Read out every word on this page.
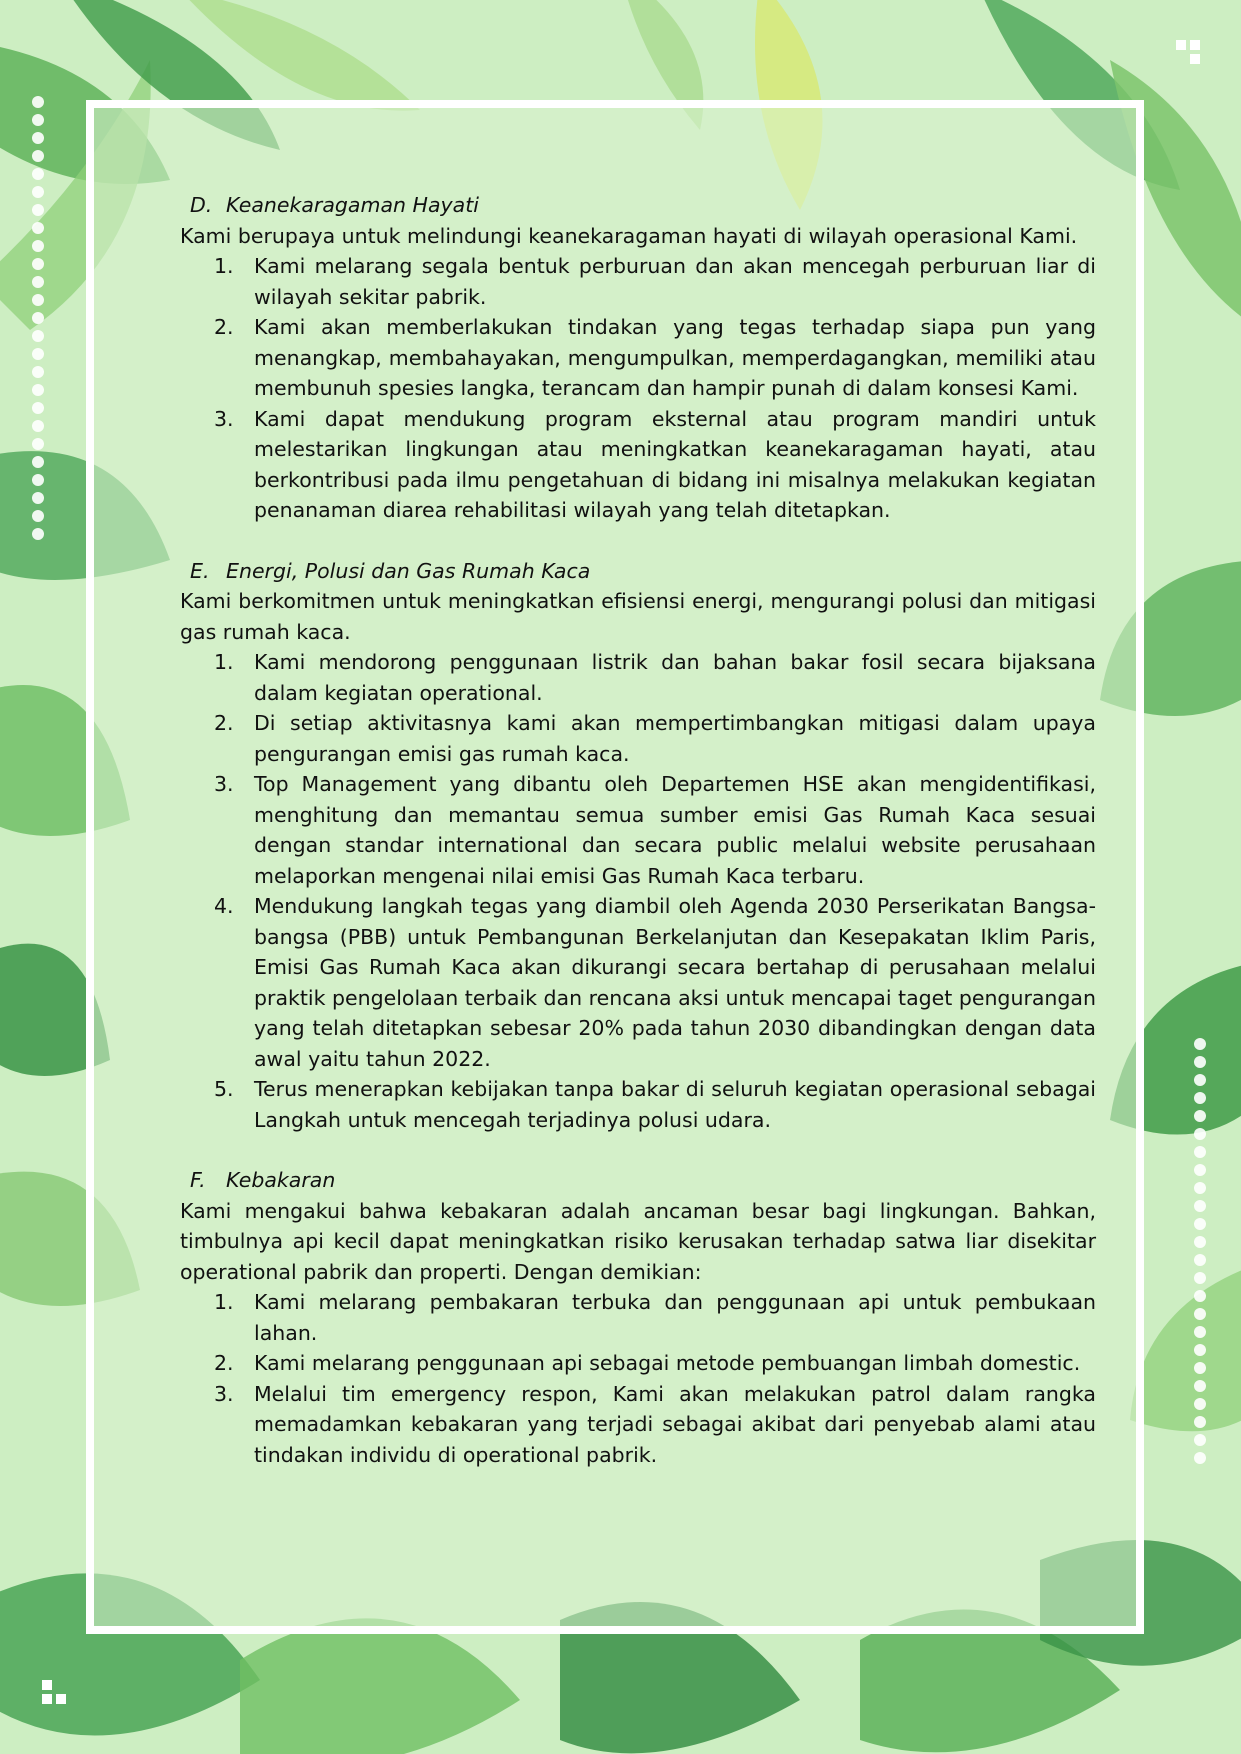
D. Keanekaragaman Hayati

Kami berupaya untuk melindungi keanekaragaman hayati di wilayah operasional Kami.

1. Kami melarang segala bentuk perburuan dan akan mencegah perburuan liar di wilayah sekitar pabrik.
2. Kami akan memberlakukan tindakan yang tegas terhadap siapa pun yang menangkap, membahayakan, mengumpulkan, memperdagangkan, memiliki atau membunuh spesies langka, terancam dan hampir punah di dalam konsesi Kami.
3. Kami dapat mendukung program eksternal atau program mandiri untuk melestarikan lingkungan atau meningkatkan keanekaragaman hayati, atau berkontribusi pada ilmu pengetahuan di bidang ini misalnya melakukan kegiatan penanaman diarea rehabilitasi wilayah yang telah ditetapkan.

E. Energi, Polusi dan Gas Rumah Kaca

Kami berkomitmen untuk meningkatkan efisiensi energi, mengurangi polusi dan mitigasi gas rumah kaca.

1. Kami mendorong penggunaan listrik dan bahan bakar fosil secara bijaksana dalam kegiatan operational.
2. Di setiap aktivitasnya kami akan mempertimbangkan mitigasi dalam upaya pengurangan emisi gas rumah kaca.
3. Top Management yang dibantu oleh Departemen HSE akan mengidentifikasi, menghitung dan memantau semua sumber emisi Gas Rumah Kaca sesuai dengan standar international dan secara public melalui website perusahaan melaporkan mengenai nilai emisi Gas Rumah Kaca terbaru.
4. Mendukung langkah tegas yang diambil oleh Agenda 2030 Perserikatan Bangsa-bangsa (PBB) untuk Pembangunan Berkelanjutan dan Kesepakatan Iklim Paris, Emisi Gas Rumah Kaca akan dikurangi secara bertahap di perusahaan melalui praktik pengelolaan terbaik dan rencana aksi untuk mencapai taget pengurangan yang telah ditetapkan sebesar 20% pada tahun 2030 dibandingkan dengan data awal yaitu tahun 2022.
5. Terus menerapkan kebijakan tanpa bakar di seluruh kegiatan operasional sebagai Langkah untuk mencegah terjadinya polusi udara.

F. Kebakaran

Kami mengakui bahwa kebakaran adalah ancaman besar bagi lingkungan. Bahkan, timbulnya api kecil dapat meningkatkan risiko kerusakan terhadap satwa liar disekitar operational pabrik dan properti. Dengan demikian:

1. Kami melarang pembakaran terbuka dan penggunaan api untuk pembukaan lahan.
2. Kami melarang penggunaan api sebagai metode pembuangan limbah domestic.
3. Melalui tim emergency respon, Kami akan melakukan patrol dalam rangka memadamkan kebakaran yang terjadi sebagai akibat dari penyebab alami atau tindakan individu di operational pabrik.
